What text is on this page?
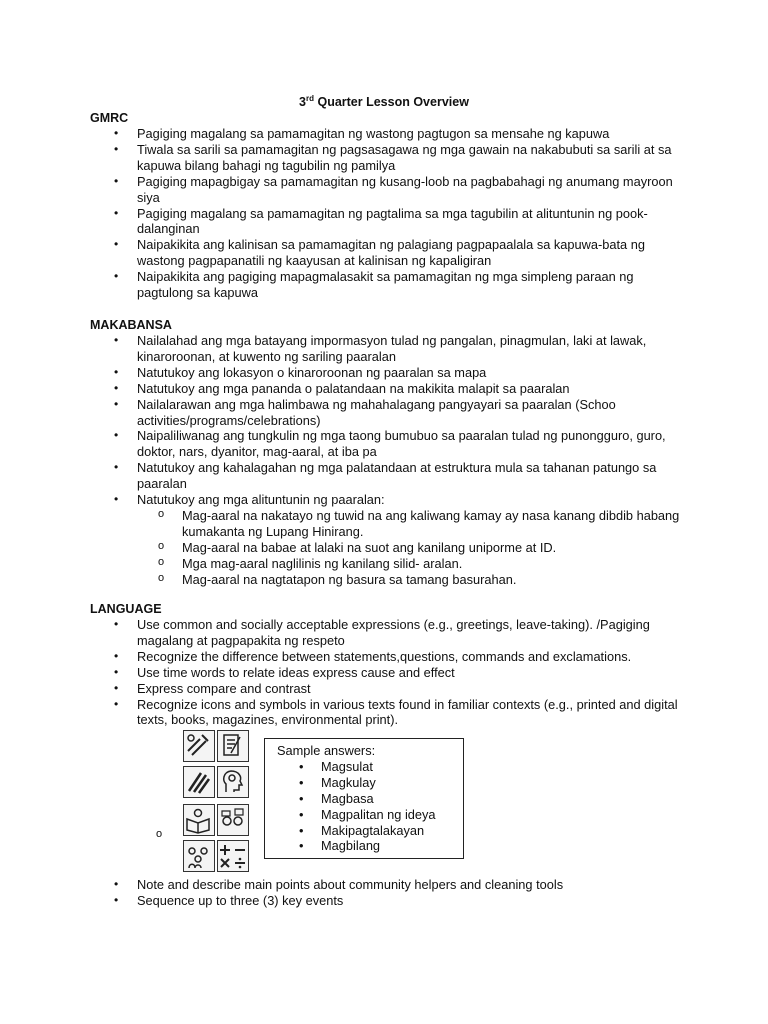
3rd Quarter Lesson Overview
GMRC
• Pagiging magalang sa pamamagitan ng wastong pagtugon sa mensahe ng kapuwa
• Tiwala sa sarili sa pamamagitan ng pagsasagawa ng mga gawain na nakabubuti sa sarili at sa kapuwa bilang bahagi ng tagubilin ng pamilya
• Pagiging mapagbigay sa pamamagitan ng kusang-loob na pagbabahagi ng anumang mayroon siya
• Pagiging magalang sa pamamagitan ng pagtalima sa mga tagubilin at alituntunin ng pook-dalanginan
• Naipakikita ang kalinisan sa pamamagitan ng palagiang pagpapaalala sa kapuwa-bata ng wastong pagpapanatili ng kaayusan at kalinisan ng kapaligiran
• Naipakikita ang pagiging mapagmalasakit sa pamamagitan ng mga simpleng paraan ng pagtulong sa kapuwa
MAKABANSA
• Nailalahad ang mga batayang impormasyon tulad ng pangalan, pinagmulan, laki at lawak, kinaroroonan, at kuwento ng sariling paaralan
• Natutukoy ang lokasyon o kinaroroonan ng paaralan sa mapa
• Natutukoy ang mga pananda o palatandaan na makikita malapit sa paaralan
• Nailalarawan ang mga halimbawa ng mahahalagang pangyayari sa paaralan (Schoo activities/programs/celebrations)
• Naipaliliwanag ang tungkulin ng mga taong bumubuo sa paaralan tulad ng punongguro, guro, doktor, nars, dyanitor, mag-aaral, at iba pa
• Natutukoy ang kahalagahan ng mga palatandaan at estruktura mula sa tahanan patungo sa paaralan
• Natutukoy ang mga alituntunin ng paaralan:
o Mag-aaral na nakatayo ng tuwid na ang kaliwang kamay ay nasa kanang dibdib habang kumakanta ng Lupang Hinirang.
o Mag-aaral na babae at lalaki na suot ang kanilang uniporme at ID.
o Mga mag-aaral naglilinis ng kanilang silid- aralan.
o Mag-aaral na nagtatapon ng basura sa tamang basurahan.
LANGUAGE
• Use common and socially acceptable expressions (e.g., greetings, leave-taking). /Pagiging magalang at pagpapakita ng respeto
• Recognize the difference between statements,questions, commands and exclamations.
• Use time words to relate ideas express cause and effect
• Express compare and contrast
• Recognize icons and symbols in various texts found in familiar contexts (e.g., printed and digital texts, books, magazines, environmental print).
o
Sample answers:
• Magsulat
• Magkulay
• Magbasa
• Magpalitan ng ideya
• Makipagtalakayan
• Magbilang
• Note and describe main points about community helpers and cleaning tools
• Sequence up to three (3) key events
